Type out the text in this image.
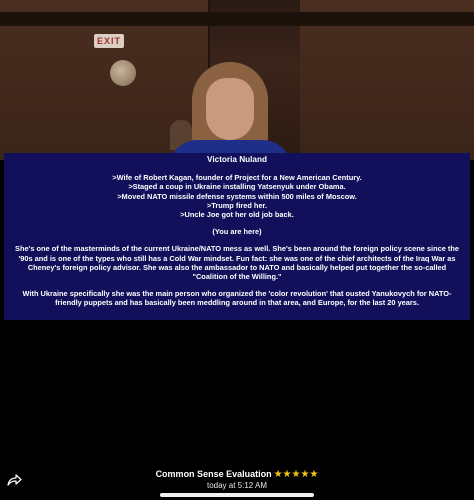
EXIT
Victoria Nuland
>Wife of Robert Kagan, founder of Project for a New American Century.
>Staged a coup in Ukraine installing Yatsenyuk under Obama.
>Moved NATO missile defense systems within 500 miles of Moscow.
>Trump fired her.
>Uncle Joe got her old job back.
(You are here)

She's one of the masterminds of the current Ukraine/NATO mess as well. She's been around the foreign policy scene since the '90s and is one of the types who still has a Cold War mindset. Fun fact: she was one of the chief architects of the Iraq War as Cheney's foreign policy advisor. She was also the ambassador to NATO and basically helped put together the so-called "Coalition of the Willing."

With Ukraine specifically she was the main person who organized the 'color revolution' that ousted Yanukovych for NATO-friendly puppets and has basically been meddling around in that area, and Europe, for the last 20 years.

Common Sense Evaluation ★★★★★
today at 5:12 AM
